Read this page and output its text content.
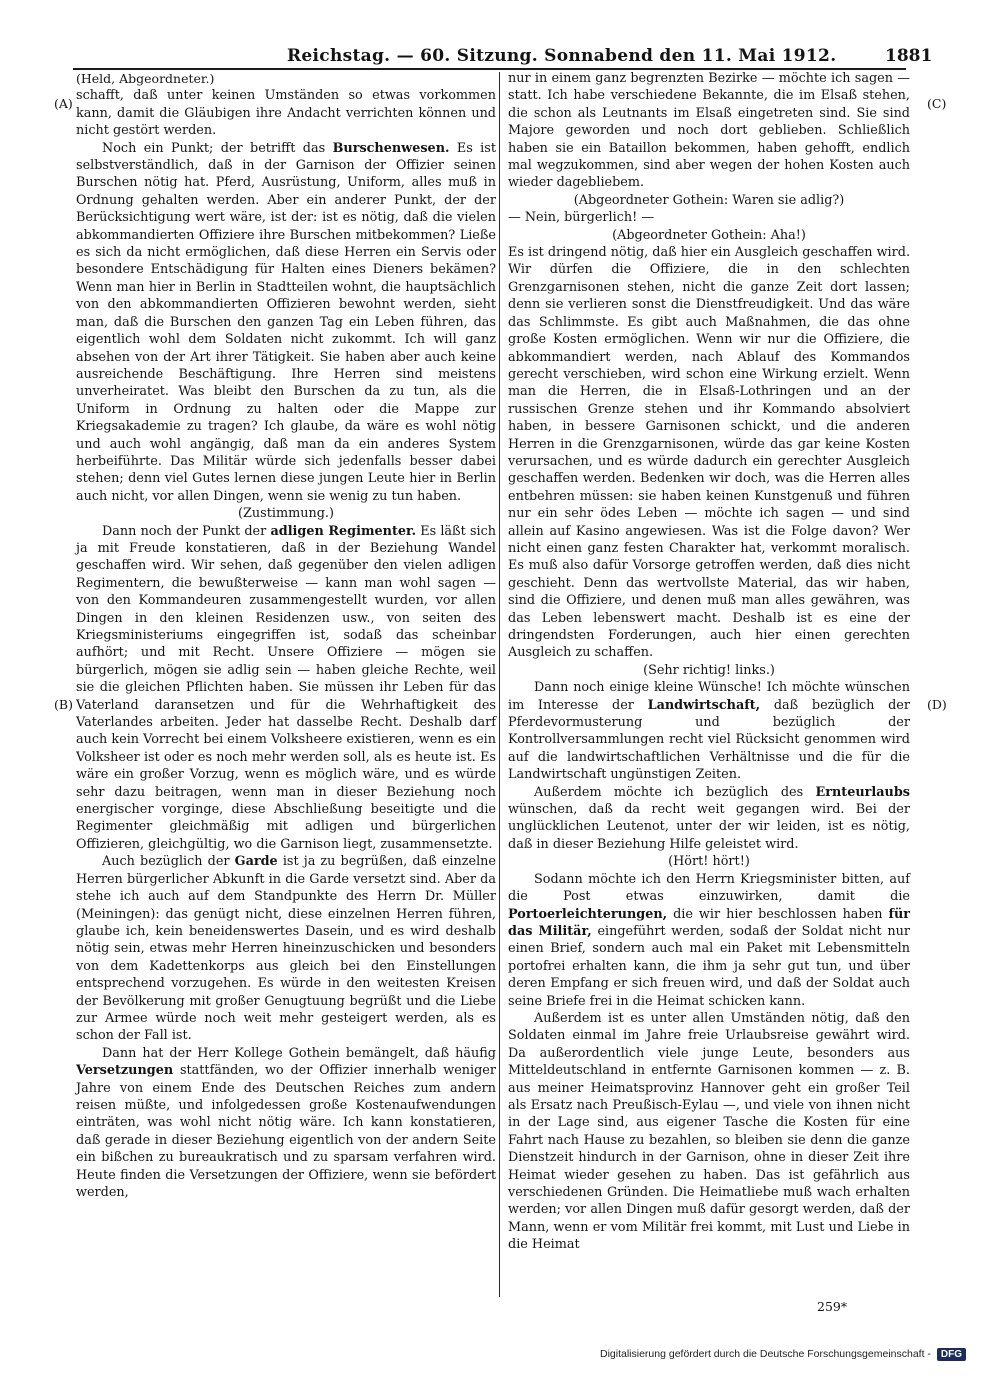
Reichstag. — 60. Sitzung. Sonnabend den 11. Mai 1912.	1881
(A)
(B)
(C)
(D)

(Held, Abgeordneter.)

schafft, daß unter keinen Umständen so etwas vorkommen kann, damit die Gläubigen ihre Andacht verrichten können und nicht gestört werden.

Noch ein Punkt; der betrifft das Burschenwesen. Es ist selbstverständlich, daß in der Garnison der Offizier seinen Burschen nötig hat. Pferd, Ausrüstung, Uniform, alles muß in Ordnung gehalten werden. Aber ein anderer Punkt, der der Berücksichtigung wert wäre, ist der: ist es nötig, daß die vielen abkommandierten Offiziere ihre Burschen mitbekommen? Ließe es sich da nicht ermöglichen, daß diese Herren ein Servis oder besondere Entschädigung für Halten eines Dieners bekämen? Wenn man hier in Berlin in Stadtteilen wohnt, die hauptsächlich von den abkommandierten Offizieren bewohnt werden, sieht man, daß die Burschen den ganzen Tag ein Leben führen, das eigentlich wohl dem Soldaten nicht zukommt. Ich will ganz absehen von der Art ihrer Tätigkeit. Sie haben aber auch keine ausreichende Beschäftigung. Ihre Herren sind meistens unverheiratet. Was bleibt den Burschen da zu tun, als die Uniform in Ordnung zu halten oder die Mappe zur Kriegsakademie zu tragen? Ich glaube, da wäre es wohl nötig und auch wohl angängig, daß man da ein anderes System herbeiführte. Das Militär würde sich jedenfalls besser dabei stehen; denn viel Gutes lernen diese jungen Leute hier in Berlin auch nicht, vor allen Dingen, wenn sie wenig zu tun haben.

(Zustimmung.)

Dann noch der Punkt der adligen Regimenter. Es läßt sich ja mit Freude konstatieren, daß in der Beziehung Wandel geschaffen wird. Wir sehen, daß gegenüber den vielen adligen Regimentern, die bewußterweise — kann man wohl sagen — von den Kommandeuren zusammengestellt wurden, vor allen Dingen in den kleinen Residenzen usw., von seiten des Kriegsministeriums eingegriffen ist, sodaß das scheinbar aufhört; und mit Recht. Unsere Offiziere — mögen sie bürgerlich, mögen sie adlig sein — haben gleiche Rechte, weil sie die gleichen Pflichten haben. Sie müssen ihr Leben für das Vaterland daransetzen und für die Wehrhaftigkeit des Vaterlandes arbeiten. Jeder hat dasselbe Recht. Deshalb darf auch kein Vorrecht bei einem Volksheere existieren, wenn es ein Volksheer ist oder es noch mehr werden soll, als es heute ist. Es wäre ein großer Vorzug, wenn es möglich wäre, und es würde sehr dazu beitragen, wenn man in dieser Beziehung noch energischer vorginge, diese Abschließung beseitigte und die Regimenter gleichmäßig mit adligen und bürgerlichen Offizieren, gleichgültig, wo die Garnison liegt, zusammensetzte.

Auch bezüglich der Garde ist ja zu begrüßen, daß einzelne Herren bürgerlicher Abkunft in die Garde versetzt sind. Aber da stehe ich auch auf dem Standpunkte des Herrn Dr. Müller (Meiningen): das genügt nicht, diese einzelnen Herren führen, glaube ich, kein beneidenswertes Dasein, und es wird deshalb nötig sein, etwas mehr Herren hineinzuschicken und besonders von dem Kadettenkorps aus gleich bei den Einstellungen entsprechend vorzugehen. Es würde in den weitesten Kreisen der Bevölkerung mit großer Genugtuung begrüßt und die Liebe zur Armee würde noch weit mehr gesteigert werden, als es schon der Fall ist.

Dann hat der Herr Kollege Gothein bemängelt, daß häufig Versetzungen stattfänden, wo der Offizier innerhalb weniger Jahre von einem Ende des Deutschen Reiches zum andern reisen müßte, und infolgedessen große Kostenaufwendungen einträten, was wohl nicht nötig wäre. Ich kann konstatieren, daß gerade in dieser Beziehung eigentlich von der andern Seite ein bißchen zu bureaukratisch und zu sparsam verfahren wird. Heute finden die Versetzungen der Offiziere, wenn sie befördert werden,

nur in einem ganz begrenzten Bezirke — möchte ich sagen — statt. Ich habe verschiedene Bekannte, die im Elsaß stehen, die schon als Leutnants im Elsaß eingetreten sind. Sie sind Majore geworden und noch dort geblieben. Schließlich haben sie ein Bataillon bekommen, haben gehofft, endlich mal wegzukommen, sind aber wegen der hohen Kosten auch wieder dagebliebem.

(Abgeordneter Gothein: Waren sie adlig?)

— Nein, bürgerlich! —

(Abgeordneter Gothein: Aha!)

Es ist dringend nötig, daß hier ein Ausgleich geschaffen wird. Wir dürfen die Offiziere, die in den schlechten Grenzgarnisonen stehen, nicht die ganze Zeit dort lassen; denn sie verlieren sonst die Dienstfreudigkeit. Und das wäre das Schlimmste. Es gibt auch Maßnahmen, die das ohne große Kosten ermöglichen. Wenn wir nur die Offiziere, die abkommandiert werden, nach Ablauf des Kommandos gerecht verschieben, wird schon eine Wirkung erzielt. Wenn man die Herren, die in Elsaß-Lothringen und an der russischen Grenze stehen und ihr Kommando absolviert haben, in bessere Garnisonen schickt, und die anderen Herren in die Grenzgarnisonen, würde das gar keine Kosten verursachen, und es würde dadurch ein gerechter Ausgleich geschaffen werden. Bedenken wir doch, was die Herren alles entbehren müssen: sie haben keinen Kunstgenuß und führen nur ein sehr ödes Leben — möchte ich sagen — und sind allein auf Kasino angewiesen. Was ist die Folge davon? Wer nicht einen ganz festen Charakter hat, verkommt moralisch. Es muß also dafür Vorsorge getroffen werden, daß dies nicht geschieht. Denn das wertvollste Material, das wir haben, sind die Offiziere, und denen muß man alles gewähren, was das Leben lebenswert macht. Deshalb ist es eine der dringendsten Forderungen, auch hier einen gerechten Ausgleich zu schaffen.

(Sehr richtig! links.)

Dann noch einige kleine Wünsche! Ich möchte wünschen im Interesse der Landwirtschaft, daß bezüglich der Pferdevormusterung und bezüglich der Kontrollversammlungen recht viel Rücksicht genommen wird auf die landwirtschaftlichen Verhältnisse und die für die Landwirtschaft ungünstigen Zeiten.

Außerdem möchte ich bezüglich des Ernteurlaubs wünschen, daß da recht weit gegangen wird. Bei der unglücklichen Leutenot, unter der wir leiden, ist es nötig, daß in dieser Beziehung Hilfe geleistet wird.

(Hört! hört!)

Sodann möchte ich den Herrn Kriegsminister bitten, auf die Post etwas einzuwirken, damit die Portoerleichterungen, die wir hier beschlossen haben für das Militär, eingeführt werden, sodaß der Soldat nicht nur einen Brief, sondern auch mal ein Paket mit Lebensmitteln portofrei erhalten kann, die ihm ja sehr gut tun, und über deren Empfang er sich freuen wird, und daß der Soldat auch seine Briefe frei in die Heimat schicken kann.

Außerdem ist es unter allen Umständen nötig, daß den Soldaten einmal im Jahre freie Urlaubsreise gewährt wird. Da außerordentlich viele junge Leute, besonders aus Mitteldeutschland in entfernte Garnisonen kommen — z. B. aus meiner Heimatsprovinz Hannover geht ein großer Teil als Ersatz nach Preußisch-Eylau —, und viele von ihnen nicht in der Lage sind, aus eigener Tasche die Kosten für eine Fahrt nach Hause zu bezahlen, so bleiben sie denn die ganze Dienstzeit hindurch in der Garnison, ohne in dieser Zeit ihre Heimat wieder gesehen zu haben. Das ist gefährlich aus verschiedenen Gründen. Die Heimatliebe muß wach erhalten werden; vor allen Dingen muß dafür gesorgt werden, daß der Mann, wenn er vom Militär frei kommt, mit Lust und Liebe in die Heimat

259*
Digitalisierung gefördert durch die Deutsche Forschungsgemeinschaft - DFG
